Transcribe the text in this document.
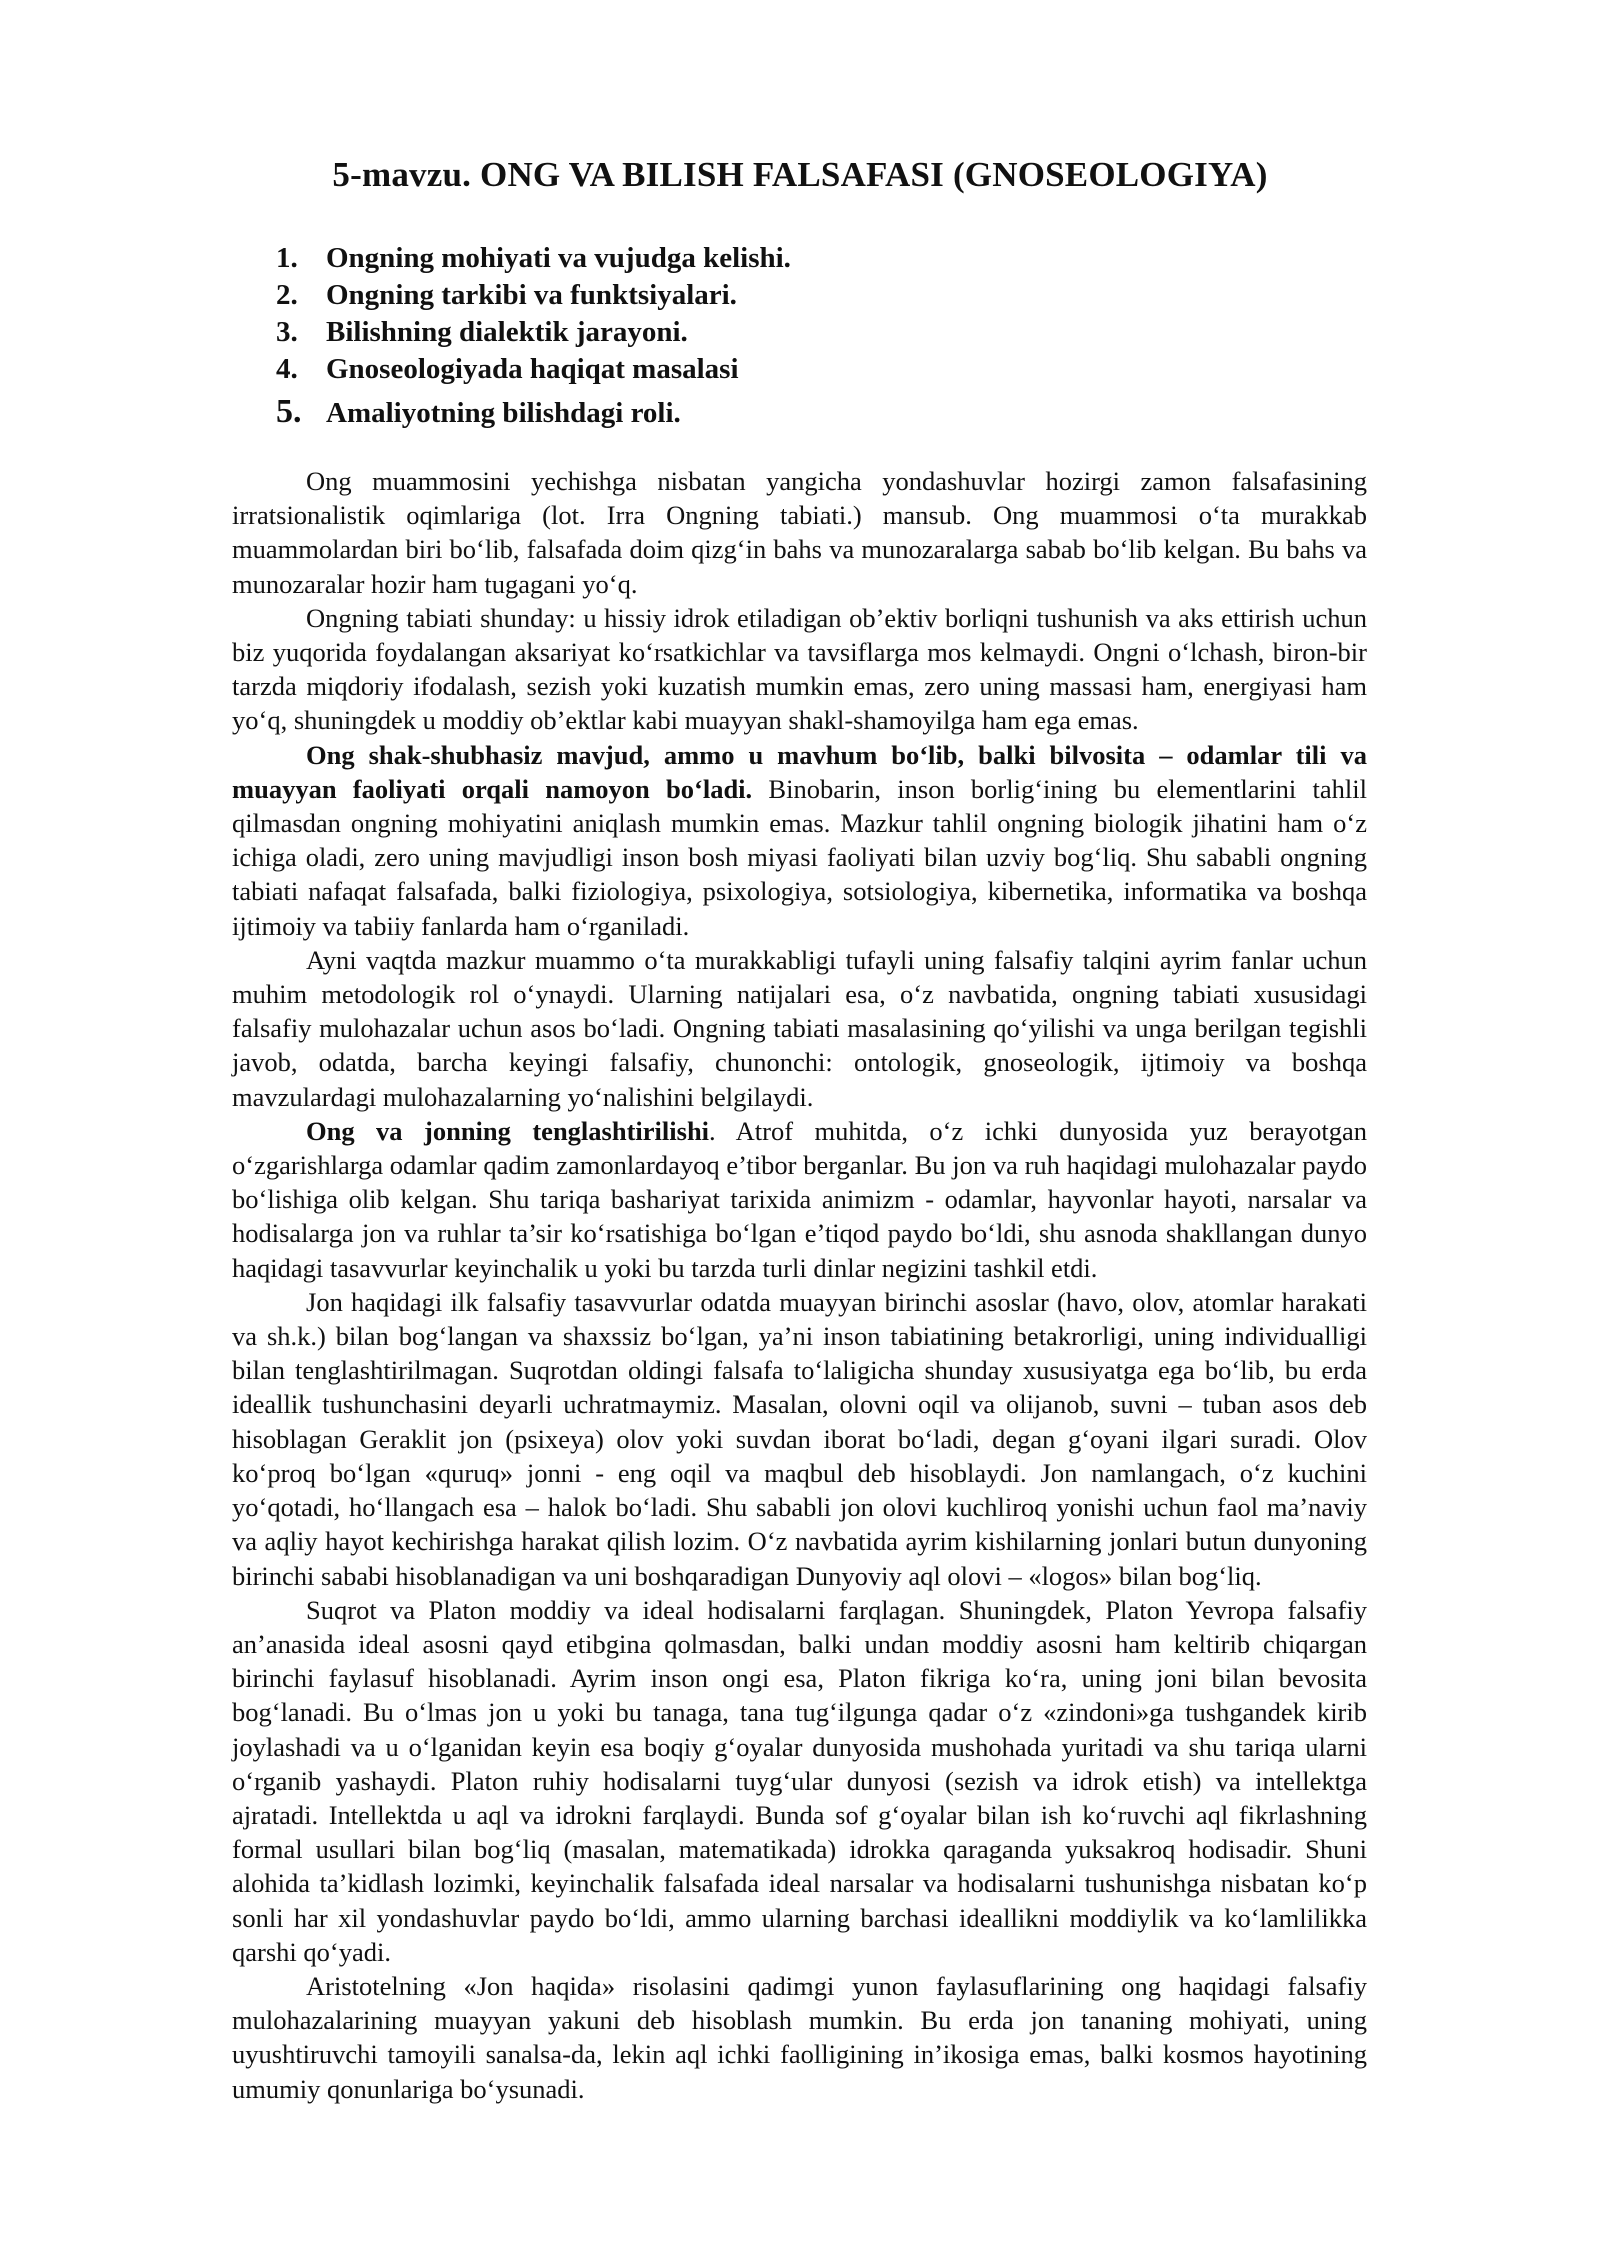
5-mavzu. ONG VA BILISH FALSAFASI (GNOSEOLOGIYA)
1. Ongning mohiyati va vujudga kelishi.
2. Ongning tarkibi va funktsiyalari.
3. Bilishning dialektik jarayoni.
4. Gnoseologiyada haqiqat masalasi
5. Amaliyotning bilishdagi roli.

Ong muammosini yechishga nisbatan yangicha yondashuvlar hozirgi zamon falsafasining irratsionalistik oqimlariga (lot. Irra Ongning tabiati.) mansub. Ong muammosi o‘ta murakkab muammolardan biri bo‘lib, falsafada doim qizg‘in bahs va munozaralarga sabab bo‘lib kelgan. Bu bahs va munozaralar hozir ham tugagani yo‘q.

Ongning tabiati shunday: u hissiy idrok etiladigan ob’ektiv borliqni tushunish va aks ettirish uchun biz yuqorida foydalangan aksariyat ko‘rsatkichlar va tavsiflarga mos kelmaydi. Ongni o‘lchash, biron-bir tarzda miqdoriy ifodalash, sezish yoki kuzatish mumkin emas, zero uning massasi ham, energiyasi ham yo‘q, shuningdek u moddiy ob’ektlar kabi muayyan shakl-shamoyilga ham ega emas.

Ong shak-shubhasiz mavjud, ammo u mavhum bo‘lib, balki bilvosita – odamlar tili va muayyan faoliyati orqali namoyon bo‘ladi. Binobarin, inson borlig‘ining bu elementlarini tahlil qilmasdan ongning mohiyatini aniqlash mumkin emas. Mazkur tahlil ongning biologik jihatini ham o‘z ichiga oladi, zero uning mavjudligi inson bosh miyasi faoliyati bilan uzviy bog‘liq. Shu sababli ongning tabiati nafaqat falsafada, balki fiziologiya, psixologiya, sotsiologiya, kibernetika, informatika va boshqa ijtimoiy va tabiiy fanlarda ham o‘rganiladi.

Ayni vaqtda mazkur muammo o‘ta murakkabligi tufayli uning falsafiy talqini ayrim fanlar uchun muhim metodologik rol o‘ynaydi. Ularning natijalari esa, o‘z navbatida, ongning tabiati xususidagi falsafiy mulohazalar uchun asos bo‘ladi. Ongning tabiati masalasining qo‘yilishi va unga berilgan tegishli javob, odatda, barcha keyingi falsafiy, chunonchi: ontologik, gnoseologik, ijtimoiy va boshqa mavzulardagi mulohazalarning yo‘nalishini belgilaydi.

Ong va jonning tenglashtirilishi. Atrof muhitda, o‘z ichki dunyosida yuz berayotgan o‘zgarishlarga odamlar qadim zamonlardayoq e’tibor berganlar. Bu jon va ruh haqidagi mulohazalar paydo bo‘lishiga olib kelgan. Shu tariqa bashariyat tarixida animizm - odamlar, hayvonlar hayoti, narsalar va hodisalarga jon va ruhlar ta’sir ko‘rsatishiga bo‘lgan e’tiqod paydo bo‘ldi, shu asnoda shakllangan dunyo haqidagi tasavvurlar keyinchalik u yoki bu tarzda turli dinlar negizini tashkil etdi.

Jon haqidagi ilk falsafiy tasavvurlar odatda muayyan birinchi asoslar (havo, olov, atomlar harakati va sh.k.) bilan bog‘langan va shaxssiz bo‘lgan, ya’ni inson tabiatining betakrorligi, uning individualligi bilan tenglashtirilmagan. Suqrotdan oldingi falsafa to‘laligicha shunday xususiyatga ega bo‘lib, bu erda ideallik tushunchasini deyarli uchratmaymiz. Masalan, olovni oqil va olijanob, suvni – tuban asos deb hisoblagan Geraklit jon (psixeya) olov yoki suvdan iborat bo‘ladi, degan g‘oyani ilgari suradi. Olov ko‘proq bo‘lgan «quruq» jonni - eng oqil va maqbul deb hisoblaydi. Jon namlangach, o‘z kuchini yo‘qotadi, ho‘llangach esa – halok bo‘ladi. Shu sababli jon olovi kuchliroq yonishi uchun faol ma’naviy va aqliy hayot kechirishga harakat qilish lozim. O‘z navbatida ayrim kishilarning jonlari butun dunyoning birinchi sababi hisoblanadigan va uni boshqaradigan Dunyoviy aql olovi – «logos» bilan bog‘liq.

Suqrot va Platon moddiy va ideal hodisalarni farqlagan. Shuningdek, Platon Yevropa falsafiy an’anasida ideal asosni qayd etibgina qolmasdan, balki undan moddiy asosni ham keltirib chiqargan birinchi faylasuf hisoblanadi. Ayrim inson ongi esa, Platon fikriga ko‘ra, uning joni bilan bevosita bog‘lanadi. Bu o‘lmas jon u yoki bu tanaga, tana tug‘ilgunga qadar o‘z «zindoni»ga tushgandek kirib joylashadi va u o‘lganidan keyin esa boqiy g‘oyalar dunyosida mushohada yuritadi va shu tariqa ularni o‘rganib yashaydi. Platon ruhiy hodisalarni tuyg‘ular dunyosi (sezish va idrok etish) va intellektga ajratadi. Intellektda u aql va idrokni farqlaydi. Bunda sof g‘oyalar bilan ish ko‘ruvchi aql fikrlashning formal usullari bilan bog‘liq (masalan, matematikada) idrokka qaraganda yuksakroq hodisadir. Shuni alohida ta’kidlash lozimki, keyinchalik falsafada ideal narsalar va hodisalarni tushunishga nisbatan ko‘p sonli har xil yondashuvlar paydo bo‘ldi, ammo ularning barchasi ideallikni moddiylik va ko‘lamlilikka qarshi qo‘yadi.

Aristotelning «Jon haqida» risolasini qadimgi yunon faylasuflarining ong haqidagi falsafiy mulohazalarining muayyan yakuni deb hisoblash mumkin. Bu erda jon tananing mohiyati, uning uyushtiruvchi tamoyili sanalsa-da, lekin aql ichki faolligining in’ikosiga emas, balki kosmos hayotining umumiy qonunlariga bo‘ysunadi.
